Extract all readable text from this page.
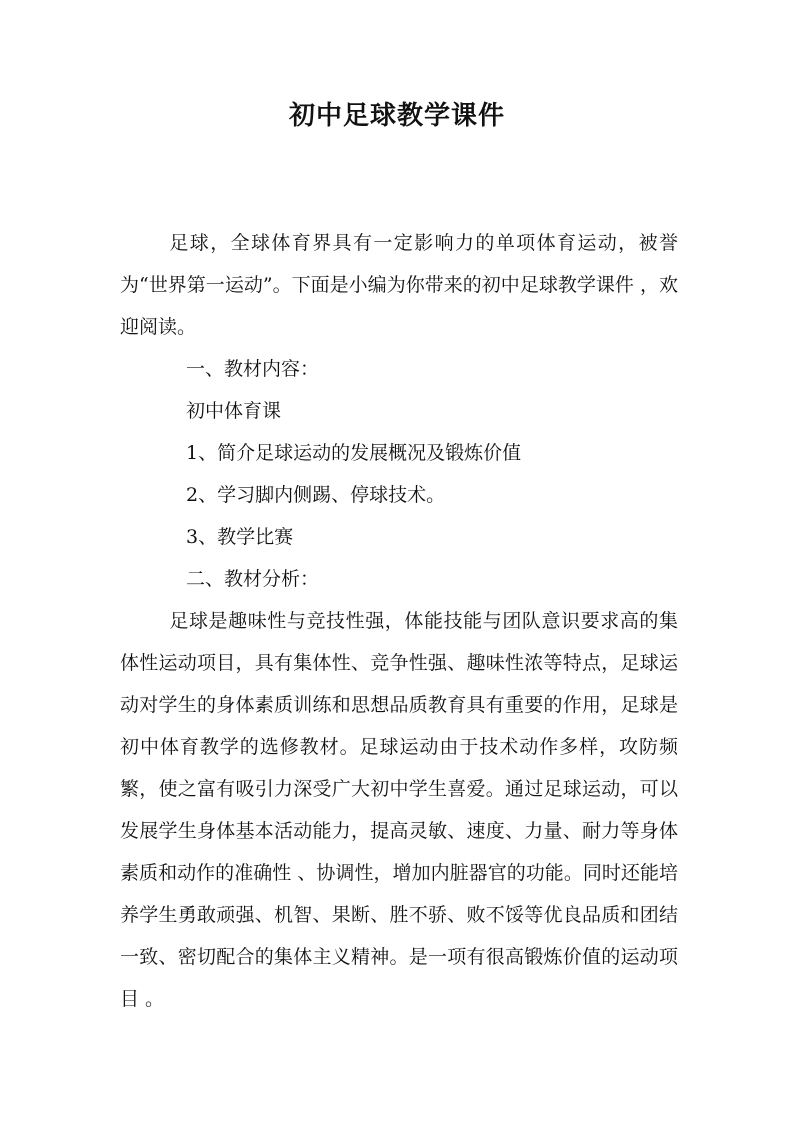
初中足球教学课件

足球，全球体育界具有一定影响力的单项体育运动，被誉为“世界第一运动”。下面是小编为你带来的初中足球教学课件 ，欢迎阅读。

一、教材内容：

初中体育课

1、简介足球运动的发展概况及锻炼价值

2、学习脚内侧踢、停球技术。

3、教学比赛

二、教材分析：

足球是趣味性与竞技性强，体能技能与团队意识要求高的集体性运动项目，具有集体性、竞争性强、趣味性浓等特点，足球运动对学生的身体素质训练和思想品质教育具有重要的作用，足球是初中体育教学的选修教材。足球运动由于技术动作多样，攻防频繁，使之富有吸引力深受广大初中学生喜爱。通过足球运动，可以发展学生身体基本活动能力，提高灵敏、速度、力量、耐力等身体素质和动作的准确性 、协调性，增加内脏器官的功能。同时还能培养学生勇敢顽强、机智、果断、胜不骄、败不馁等优良品质和团结一致、密切配合的集体主义精神。是一项有很高锻炼价值的运动项目 。
